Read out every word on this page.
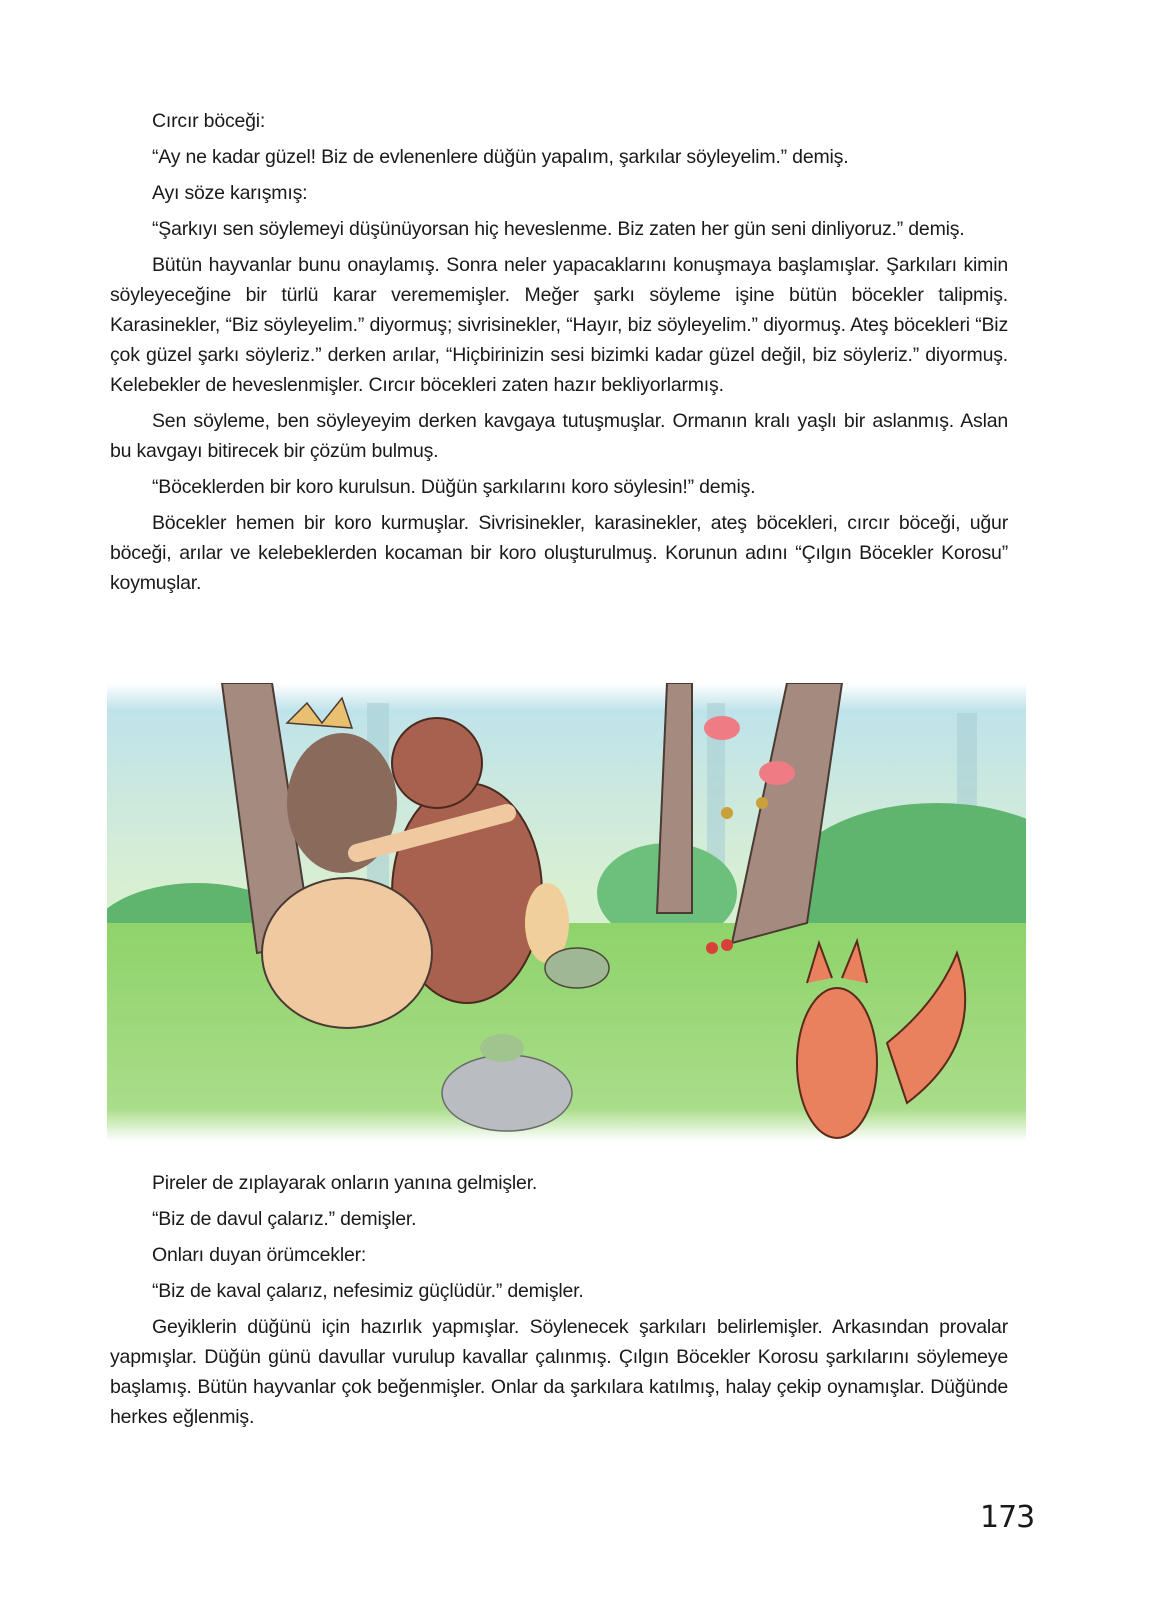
Cırcır böceği:

“Ay ne kadar güzel! Biz de evlenenlere düğün yapalım, şarkılar söyleyelim.” demiş.

Ayı söze karışmış:

“Şarkıyı sen söylemeyi düşünüyorsan hiç heveslenme. Biz zaten her gün seni dinliyoruz.” demiş.

Bütün hayvanlar bunu onaylamış. Sonra neler yapacaklarını konuşmaya başlamışlar. Şarkıları kimin söyleyeceğine bir türlü karar verememişler. Meğer şarkı söyleme işine bütün böcekler talipmiş. Karasinekler, “Biz söyleyelim.” diyormuş; sivrisinekler, “Hayır, biz söyleyelim.” diyormuş. Ateş böcekleri “Biz çok güzel şarkı söyleriz.” derken arılar, “Hiçbirinizin sesi bizimki kadar güzel değil, biz söyleriz.” diyormuş. Kelebekler de heveslenmişler. Cırcır böcekleri zaten hazır bekliyorlarmış.

Sen söyleme, ben söyleyeyim derken kavgaya tutuşmuşlar. Ormanın kralı yaşlı bir aslanmış. Aslan bu kavgayı bitirecek bir çözüm bulmuş.

“Böceklerden bir koro kurulsun. Düğün şarkılarını koro söylesin!” demiş.

Böcekler hemen bir koro kurmuşlar. Sivrisinekler, karasinekler, ateş böcekleri, cırcır böceği, uğur böceği, arılar ve kelebeklerden kocaman bir koro oluşturulmuş. Korunun adını “Çılgın Böcekler Korosu” koymuşlar.

Pireler de zıplayarak onların yanına gelmişler.

“Biz de davul çalarız.” demişler.

Onları duyan örümcekler:

“Biz de kaval çalarız, nefesimiz güçlüdür.” demişler.

Geyiklerin düğünü için hazırlık yapmışlar. Söylenecek şarkıları belirlemişler. Arkasından provalar yapmışlar. Düğün günü davullar vurulup kavallar çalınmış. Çılgın Böcekler Korosu şarkılarını söylemeye başlamış. Bütün hayvanlar çok beğenmişler. Onlar da şarkılara katılmış, halay çekip oynamışlar. Düğünde herkes eğlenmiş.

173
